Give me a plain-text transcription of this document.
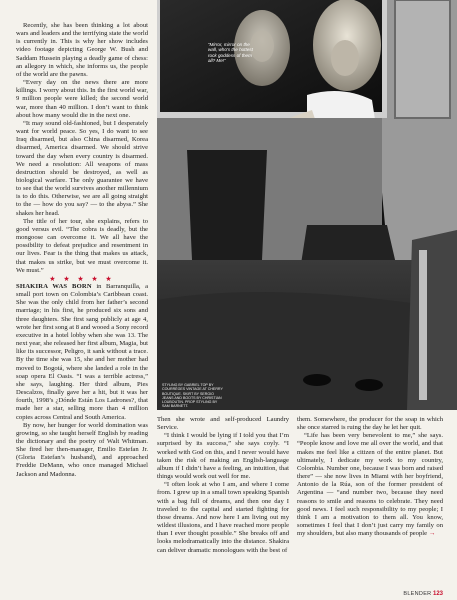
“Mirror, mirror on the wall, who’s the hottest rock goddess of them all? Me!”
STYLING BY GABRIEL TOP BY COURRÈGES VINTAGE AT CHERRY BOUTIQUE. SKIRT BY SERGIO JEANS AND BOOTS BY CHRISTIAN LOUBOUTIN. PROP STYLING BY SAM BARNETT.

Recently, she has been thinking a lot about wars and leaders and the terrifying state the world is currently in. This is why her show includes video footage depicting George W. Bush and Saddam Hussein playing a deadly game of chess: an allegory in which, she informs us, the people of the world are the pawns.

“Every day on the news there are more killings. I worry about this. In the first world war, 9 million people were killed; the second world war, more than 40 million. I don’t want to think about how many would die in the next one.

“It may sound old-fashioned, but I desperately want for world peace. So yes, I do want to see Iraq disarmed, but also China disarmed, Korea disarmed, America disarmed. We should strive toward the day when every country is disarmed. We need a resolution: All weapons of mass destruction should be destroyed, as well as biological warfare. The only guarantee we have to see that the world survives another millennium is to do this. Otherwise, we are all going straight to the — how do you say? — to the abyss.” She shakes her head.

The title of her tour, she explains, refers to good versus evil. “The cobra is deadly, but the mongoose can overcome it. We all have the possibility to defeat prejudice and resentment in our lives. Fear is the thing that makes us attack, that makes us strike, but we must overcome it. We must.”

★ ★ ★ ★ ★

SHAKIRA WAS BORN in Barranquilla, a small port town on Colombia’s Caribbean coast. She was the only child from her father’s second marriage; in his first, he produced six sons and three daughters. She first sang publicly at age 4, wrote her first song at 8 and wooed a Sony record executive in a hotel lobby when she was 13. The next year, she released her first album, Magia, but like its successor, Peligro, it sank without a trace. By the time she was 15, she and her mother had moved to Bogotá, where she landed a role in the soap opera El Oasis. “I was a terrible actress,” she says, laughing. Her third album, Pies Descalzos, finally gave her a hit, but it was her fourth, 1998’s ¿Dónde Están Los Ladrones?, that made her a star, selling more than 4 million copies across Central and South America.

By now, her hunger for world domination was growing, so she taught herself English by reading the dictionary and the poetry of Walt Whitman. She fired her then-manager, Emilio Estefan Jr. (Gloria Estefan’s husband), and approached Freddie DeMann, who once managed Michael Jackson and Madonna.

Then she wrote and self-produced Laundry Service.

“I think I would be lying if I told you that I’m surprised by its success,” she says coyly. “I worked with God on this, and I never would have taken the risk of making an English-language album if I didn’t have a feeling, an intuition, that things would work out well for me.

“I often look at who I am, and where I come from. I grew up in a small town speaking Spanish with a bag full of dreams, and then one day I traveled to the capital and started fighting for those dreams. And now here I am living out my wildest illusions, and I have reached more people than I ever thought possible.” She breaks off and looks melodramatically into the distance. Shakira can deliver dramatic monologues with the best of

them. Somewhere, the producer for the soap in which she once starred is ruing the day he let her quit.

“Life has been very benevolent to me,” she says. “People know and love me all over the world, and that makes me feel like a citizen of the entire planet. But ultimately, I dedicate my work to my country, Colombia. Number one, because I was born and raised there” — she now lives in Miami with her boyfriend, Antonio de la Rúa, son of the former president of Argentina — “and number two, because they need reasons to smile and reasons to celebrate. They need good news. I feel such responsibility to my people; I think I am a motivation to them all. You know, sometimes I feel that I don’t just carry my family on my shoulders, but also many thousands of people →

BLENDER 123
